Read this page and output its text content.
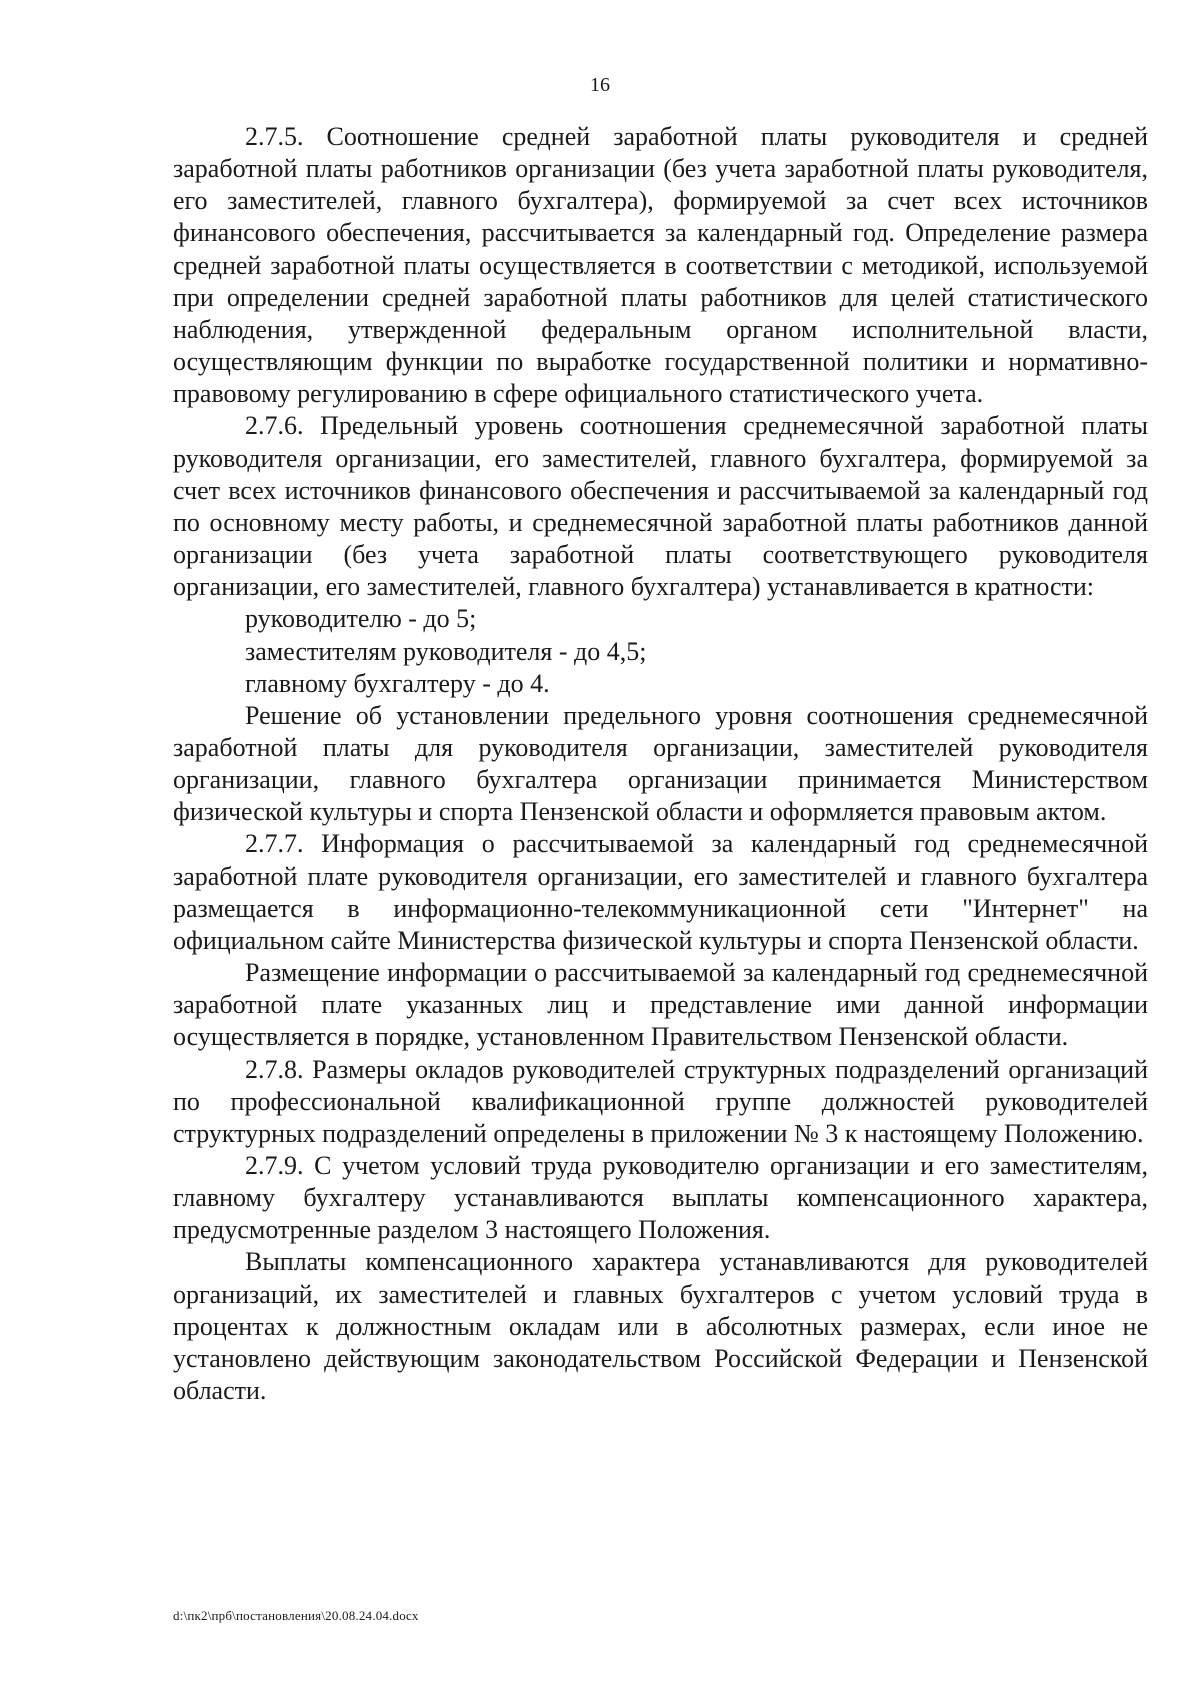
16

2.7.5. Соотношение средней заработной платы руководителя и средней заработной платы работников организации (без учета заработной платы руководителя, его заместителей, главного бухгалтера), формируемой за счет всех источников финансового обеспечения, рассчитывается за календарный год. Определение размера средней заработной платы осуществляется в соответствии с методикой, используемой при определении средней заработной платы работников для целей статистического наблюдения, утвержденной федеральным органом исполнительной власти, осуществляющим функции по выработке государственной политики и нормативно-правовому регулированию в сфере официального статистического учета.

2.7.6. Предельный уровень соотношения среднемесячной заработной платы руководителя организации, его заместителей, главного бухгалтера, формируемой за счет всех источников финансового обеспечения и рассчитываемой за календарный год по основному месту работы, и среднемесячной заработной платы работников данной организации (без учета заработной платы соответствующего руководителя организации, его заместителей, главного бухгалтера) устанавливается в кратности:

руководителю - до 5;

заместителям руководителя - до 4,5;

главному бухгалтеру - до 4.

Решение об установлении предельного уровня соотношения среднемесячной заработной платы для руководителя организации, заместителей руководителя организации, главного бухгалтера организации принимается Министерством физической культуры и спорта Пензенской области и оформляется правовым актом.

2.7.7. Информация о рассчитываемой за календарный год среднемесячной заработной плате руководителя организации, его заместителей и главного бухгалтера размещается в информационно-телекоммуникационной сети "Интернет" на официальном сайте Министерства физической культуры и спорта Пензенской области.

Размещение информации о рассчитываемой за календарный год среднемесячной заработной плате указанных лиц и представление ими данной информации осуществляется в порядке, установленном Правительством Пензенской области.

2.7.8. Размеры окладов руководителей структурных подразделений организаций по профессиональной квалификационной группе должностей руководителей структурных подразделений определены в приложении № 3 к настоящему Положению.

2.7.9. С учетом условий труда руководителю организации и его заместителям, главному бухгалтеру устанавливаются выплаты компенсационного характера, предусмотренные разделом 3 настоящего Положения.

Выплаты компенсационного характера устанавливаются для руководителей организаций, их заместителей и главных бухгалтеров с учетом условий труда в процентах к должностным окладам или в абсолютных размерах, если иное не установлено действующим законодательством Российской Федерации и Пензенской области.

d:\пк2\прб\постановления\20.08.24.04.docx
